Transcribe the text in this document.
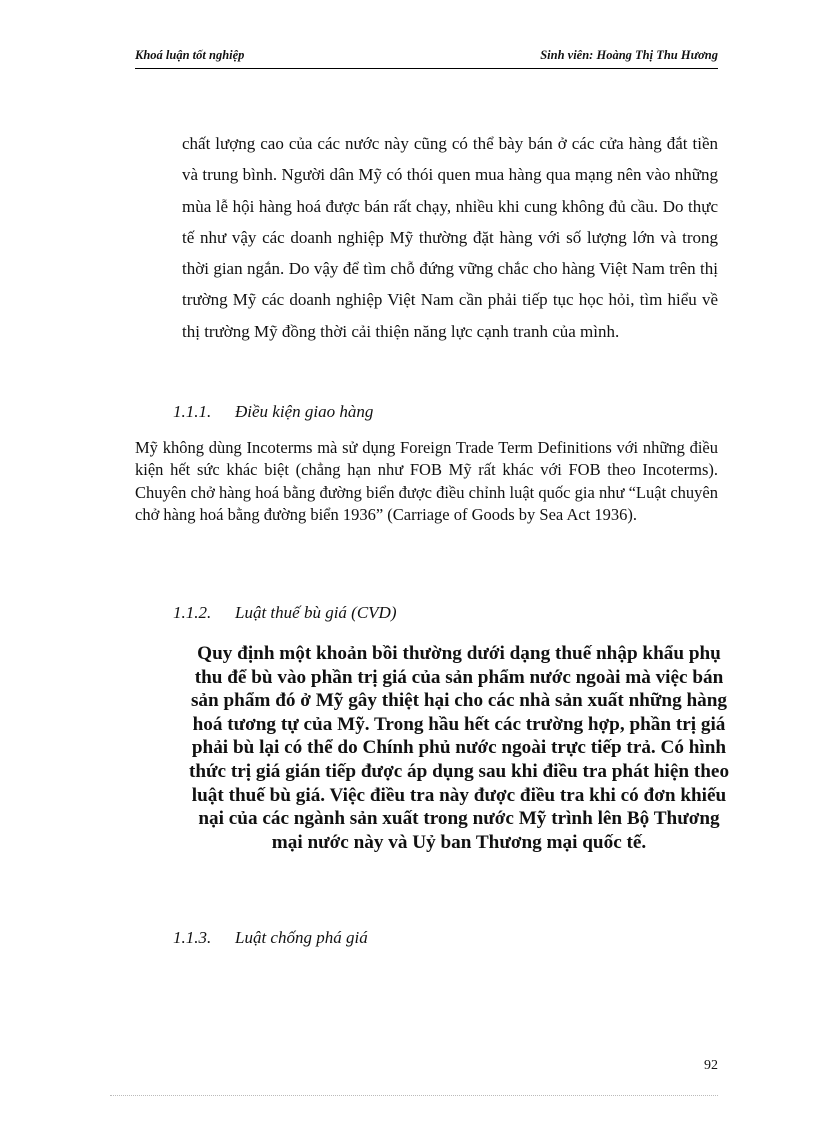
Khoá luận tốt nghiệp	Sinh viên: Hoàng Thị Thu Hương

chất lượng cao của các nước này cũng có thể bày bán ở các cửa hàng đắt tiền và trung bình. Người dân Mỹ có thói quen mua hàng qua mạng nên vào những mùa lễ hội hàng hoá được bán rất chạy, nhiều khi cung không đủ cầu. Do thực tế như vậy các doanh nghiệp Mỹ thường đặt hàng với số lượng lớn và trong thời gian ngắn. Do vậy để tìm chỗ đứng vững chắc cho hàng Việt Nam trên thị trường Mỹ các doanh nghiệp Việt Nam cần phải tiếp tục học hỏi, tìm hiểu về thị trường Mỹ đồng thời cải thiện năng lực cạnh tranh của mình.

1.1.1. Điều kiện giao hàng

Mỹ không dùng Incoterms mà sử dụng Foreign Trade Term Definitions với những điều kiện hết sức khác biệt (chẳng hạn như FOB Mỹ rất khác với FOB theo Incoterms). Chuyên chở hàng hoá bằng đường biển được điều chỉnh luật quốc gia như “Luật chuyên chở hàng hoá bằng đường biển 1936” (Carriage of Goods by Sea Act 1936).

1.1.2. Luật thuế bù giá (CVD)

Quy định một khoản bồi thường dưới dạng thuế nhập khẩu phụ thu để bù vào phần trị giá của sản phẩm nước ngoài mà việc bán sản phẩm đó ở Mỹ gây thiệt hại cho các nhà sản xuất những hàng hoá tương tự của Mỹ. Trong hầu hết các trường hợp, phần trị giá phải bù lại có thể do Chính phủ nước ngoài trực tiếp trả. Có hình thức trị giá gián tiếp được áp dụng sau khi điều tra phát hiện theo luật thuế bù giá. Việc điều tra này được điều tra khi có đơn khiếu nại của các ngành sản xuất trong nước Mỹ trình lên Bộ Thương mại nước này và Uỷ ban Thương mại quốc tế.

1.1.3. Luật chống phá giá
92
